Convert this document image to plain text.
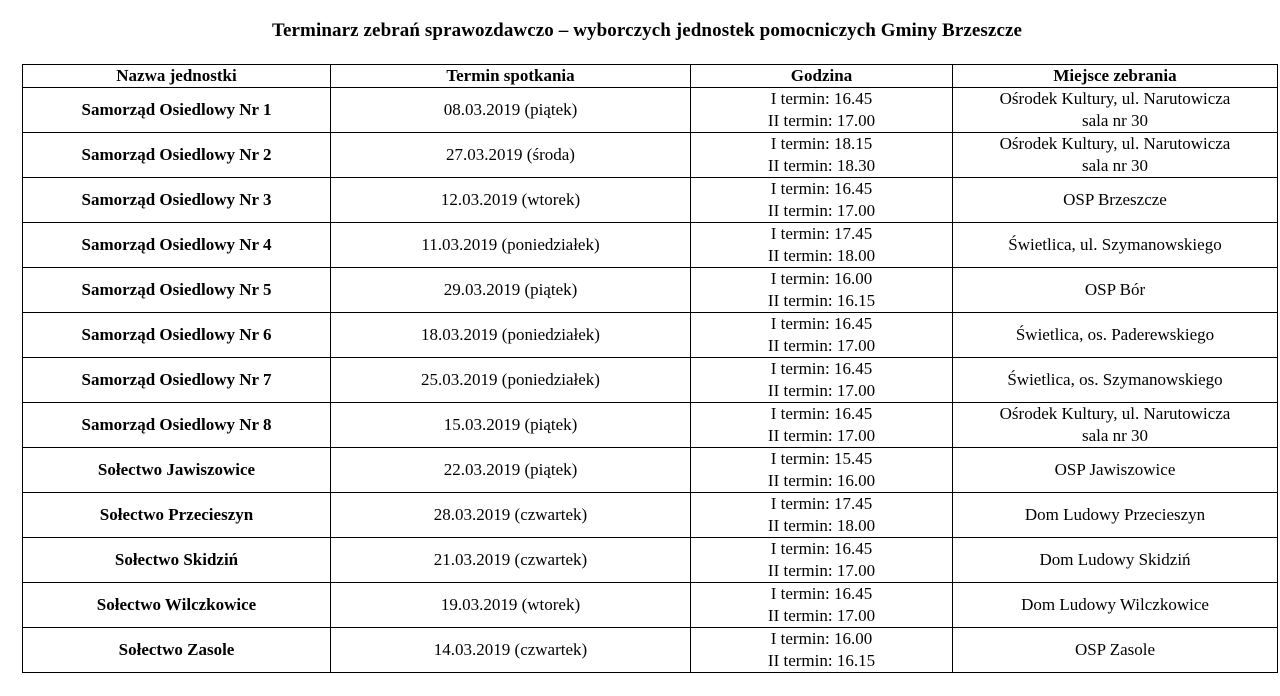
Terminarz zebrań sprawozdawczo – wyborczych jednostek pomocniczych Gminy Brzeszcze
Nazwa jednostki	Termin spotkania	Godzina	Miejsce zebrania

Samorząd Osiedlowy Nr 1	08.03.2019 (piątek)	I termin: 16.45
II termin: 17.00	Ośrodek Kultury, ul. Narutowicza
sala nr 30

Samorząd Osiedlowy Nr 2	27.03.2019 (środa)	I termin: 18.15
II termin: 18.30	Ośrodek Kultury, ul. Narutowicza
sala nr 30

Samorząd Osiedlowy Nr 3	12.03.2019 (wtorek)	I termin: 16.45
II termin: 17.00	OSP Brzeszcze

Samorząd Osiedlowy Nr 4	11.03.2019 (poniedziałek)	I termin: 17.45
II termin: 18.00	Świetlica, ul. Szymanowskiego

Samorząd Osiedlowy Nr 5	29.03.2019 (piątek)	I termin: 16.00
II termin: 16.15	OSP Bór

Samorząd Osiedlowy Nr 6	18.03.2019 (poniedziałek)	I termin: 16.45
II termin: 17.00	Świetlica, os. Paderewskiego

Samorząd Osiedlowy Nr 7	25.03.2019 (poniedziałek)	I termin: 16.45
II termin: 17.00	Świetlica, os. Szymanowskiego

Samorząd Osiedlowy Nr 8	15.03.2019 (piątek)	I termin: 16.45
II termin: 17.00	Ośrodek Kultury, ul. Narutowicza
sala nr 30

Sołectwo Jawiszowice	22.03.2019 (piątek)	I termin: 15.45
II termin: 16.00	OSP Jawiszowice

Sołectwo Przecieszyn	28.03.2019 (czwartek)	I termin: 17.45
II termin: 18.00	Dom Ludowy Przecieszyn

Sołectwo Skidziń	21.03.2019 (czwartek)	I termin: 16.45
II termin: 17.00	Dom Ludowy Skidziń

Sołectwo Wilczkowice	19.03.2019 (wtorek)	I termin: 16.45
II termin: 17.00	Dom Ludowy Wilczkowice

Sołectwo Zasole	14.03.2019 (czwartek)	I termin: 16.00
II termin: 16.15	OSP Zasole
